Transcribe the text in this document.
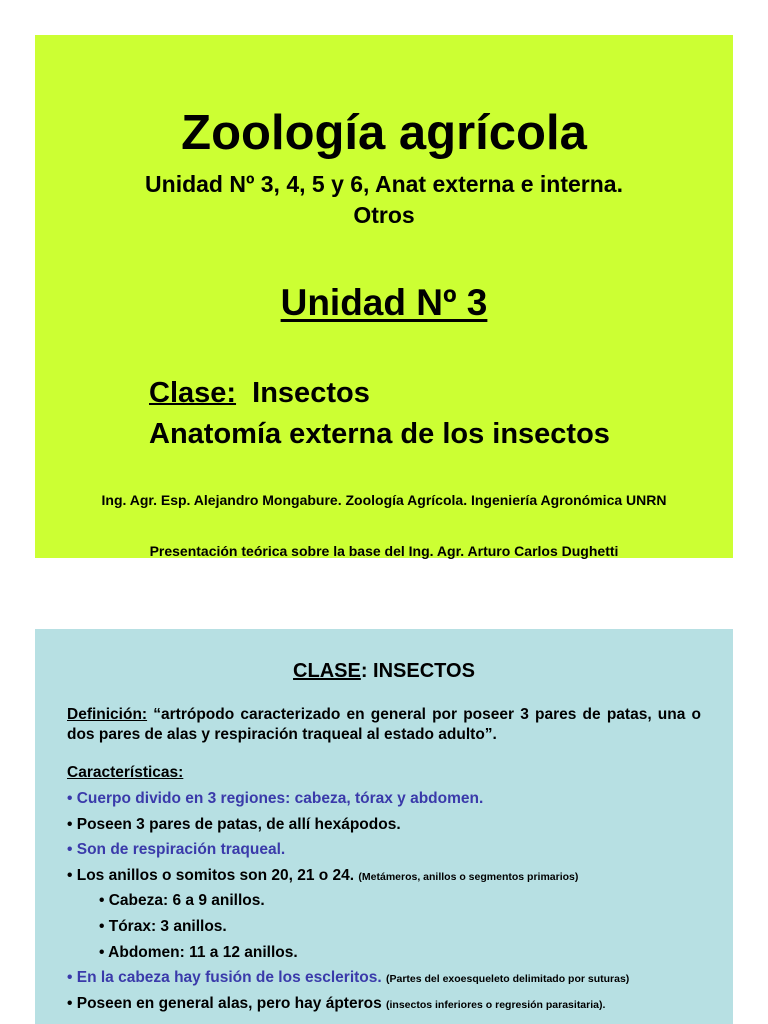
Zoología agrícola

Unidad Nº 3, 4, 5 y 6, Anat externa e interna. Otros

Unidad Nº 3

Clase:  Insectos

Anatomía externa de los insectos

Ing. Agr. Esp. Alejandro Mongabure. Zoología Agrícola. Ingeniería Agronómica UNRN

Presentación teórica sobre la base del Ing. Agr. Arturo Carlos Dughetti

CLASE: INSECTOS

Definición: “artrópodo caracterizado en general por poseer 3 pares de patas, una o dos pares de alas y respiración traqueal al estado adulto”.

Características:

• Cuerpo divido en 3 regiones: cabeza, tórax y abdomen.
• Poseen 3 pares de patas, de allí hexápodos.
• Son de respiración traqueal.
• Los anillos o somitos son 20, 21 o 24. (Metámeros, anillos o segmentos primarios)
• Cabeza: 6 a 9 anillos.
• Tórax: 3 anillos.
• Abdomen: 11 a 12 anillos.
• En la cabeza hay fusión de los escleritos. (Partes del exoesqueleto delimitado por suturas)
• Poseen en general alas, pero hay ápteros (insectos inferiores o regresión parasitaria).
